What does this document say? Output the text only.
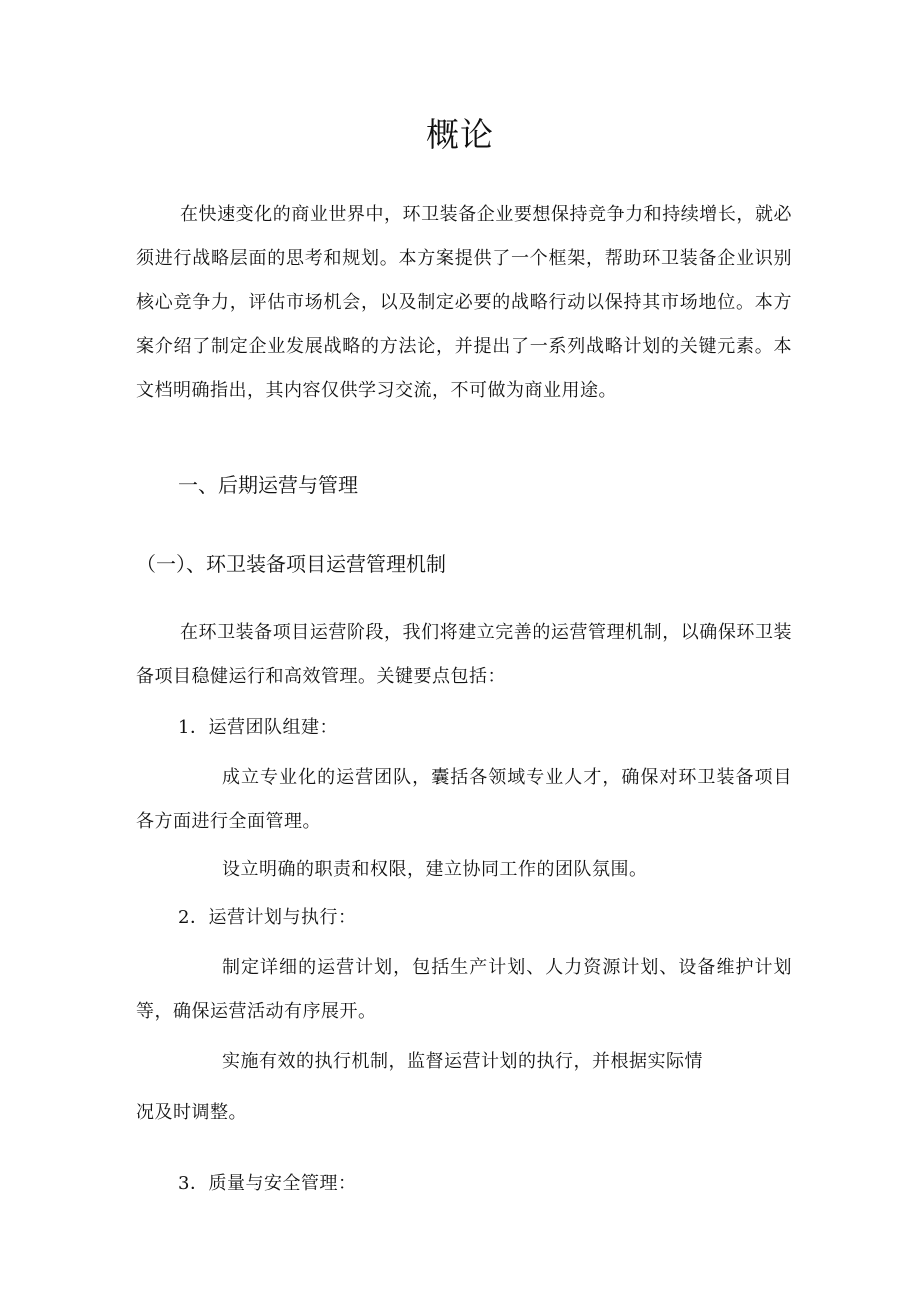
概论

在快速变化的商业世界中，环卫装备企业要想保持竞争力和持续增长，就必须进行战略层面的思考和规划。本方案提供了一个框架，帮助环卫装备企业识别核心竞争力，评估市场机会，以及制定必要的战略行动以保持其市场地位。本方案介绍了制定企业发展战略的方法论，并提出了一系列战略计划的关键元素。本文档明确指出，其内容仅供学习交流，不可做为商业用途。

一、后期运营与管理

（一）、环卫装备项目运营管理机制

在环卫装备项目运营阶段，我们将建立完善的运营管理机制，以确保环卫装备项目稳健运行和高效管理。关键要点包括：

1．运营团队组建：

成立专业化的运营团队，囊括各领域专业人才，确保对环卫装备项目各方面进行全面管理。

设立明确的职责和权限，建立协同工作的团队氛围。

2．运营计划与执行：

制定详细的运营计划，包括生产计划、人力资源计划、设备维护计划等，确保运营活动有序展开。

实施有效的执行机制，监督运营计划的执行，并根据实际情

况及时调整。

3．质量与安全管理：
